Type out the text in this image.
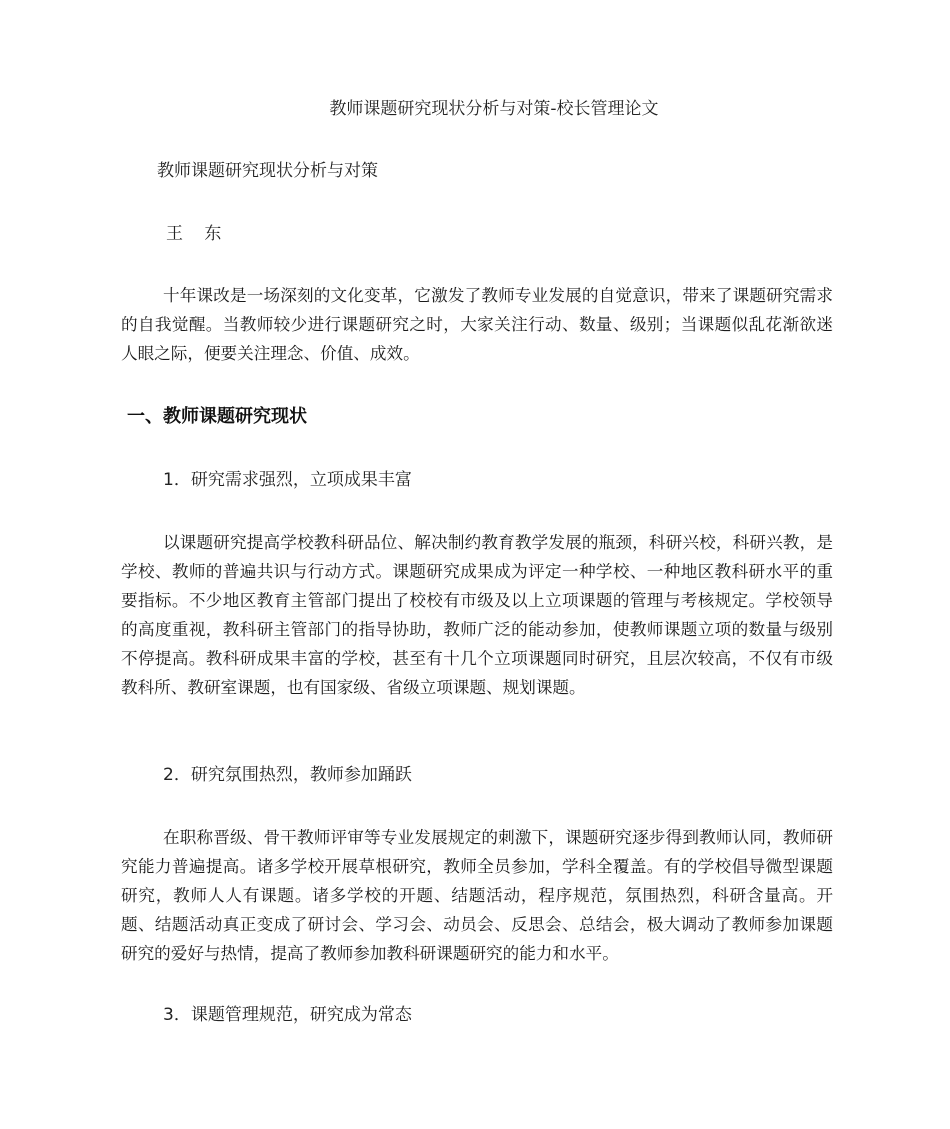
教师课题研究现状分析与对策-校长管理论文
教师课题研究现状分析与对策
王 东

十年课改是一场深刻的文化变革，它激发了教师专业发展的自觉意识，带来了课题研究需求的自我觉醒。当教师较少进行课题研究之时，大家关注行动、数量、级别；当课题似乱花渐欲迷人眼之际，便要关注理念、价值、成效。

一、教师课题研究现状
1．研究需求强烈，立项成果丰富

以课题研究提高学校教科研品位、解决制约教育教学发展的瓶颈，科研兴校，科研兴教，是学校、教师的普遍共识与行动方式。课题研究成果成为评定一种学校、一种地区教科研水平的重要指标。不少地区教育主管部门提出了校校有市级及以上立项课题的管理与考核规定。学校领导的高度重视，教科研主管部门的指导协助，教师广泛的能动参加，使教师课题立项的数量与级别不停提高。教科研成果丰富的学校，甚至有十几个立项课题同时研究，且层次较高，不仅有市级教科所、教研室课题，也有国家级、省级立项课题、规划课题。

2．研究氛围热烈，教师参加踊跃

在职称晋级、骨干教师评审等专业发展规定的刺激下，课题研究逐步得到教师认同，教师研究能力普遍提高。诸多学校开展草根研究，教师全员参加，学科全覆盖。有的学校倡导微型课题研究，教师人人有课题。诸多学校的开题、结题活动，程序规范，氛围热烈，科研含量高。开题、结题活动真正变成了研讨会、学习会、动员会、反思会、总结会，极大调动了教师参加课题研究的爱好与热情，提高了教师参加教科研课题研究的能力和水平。

3．课题管理规范，研究成为常态
